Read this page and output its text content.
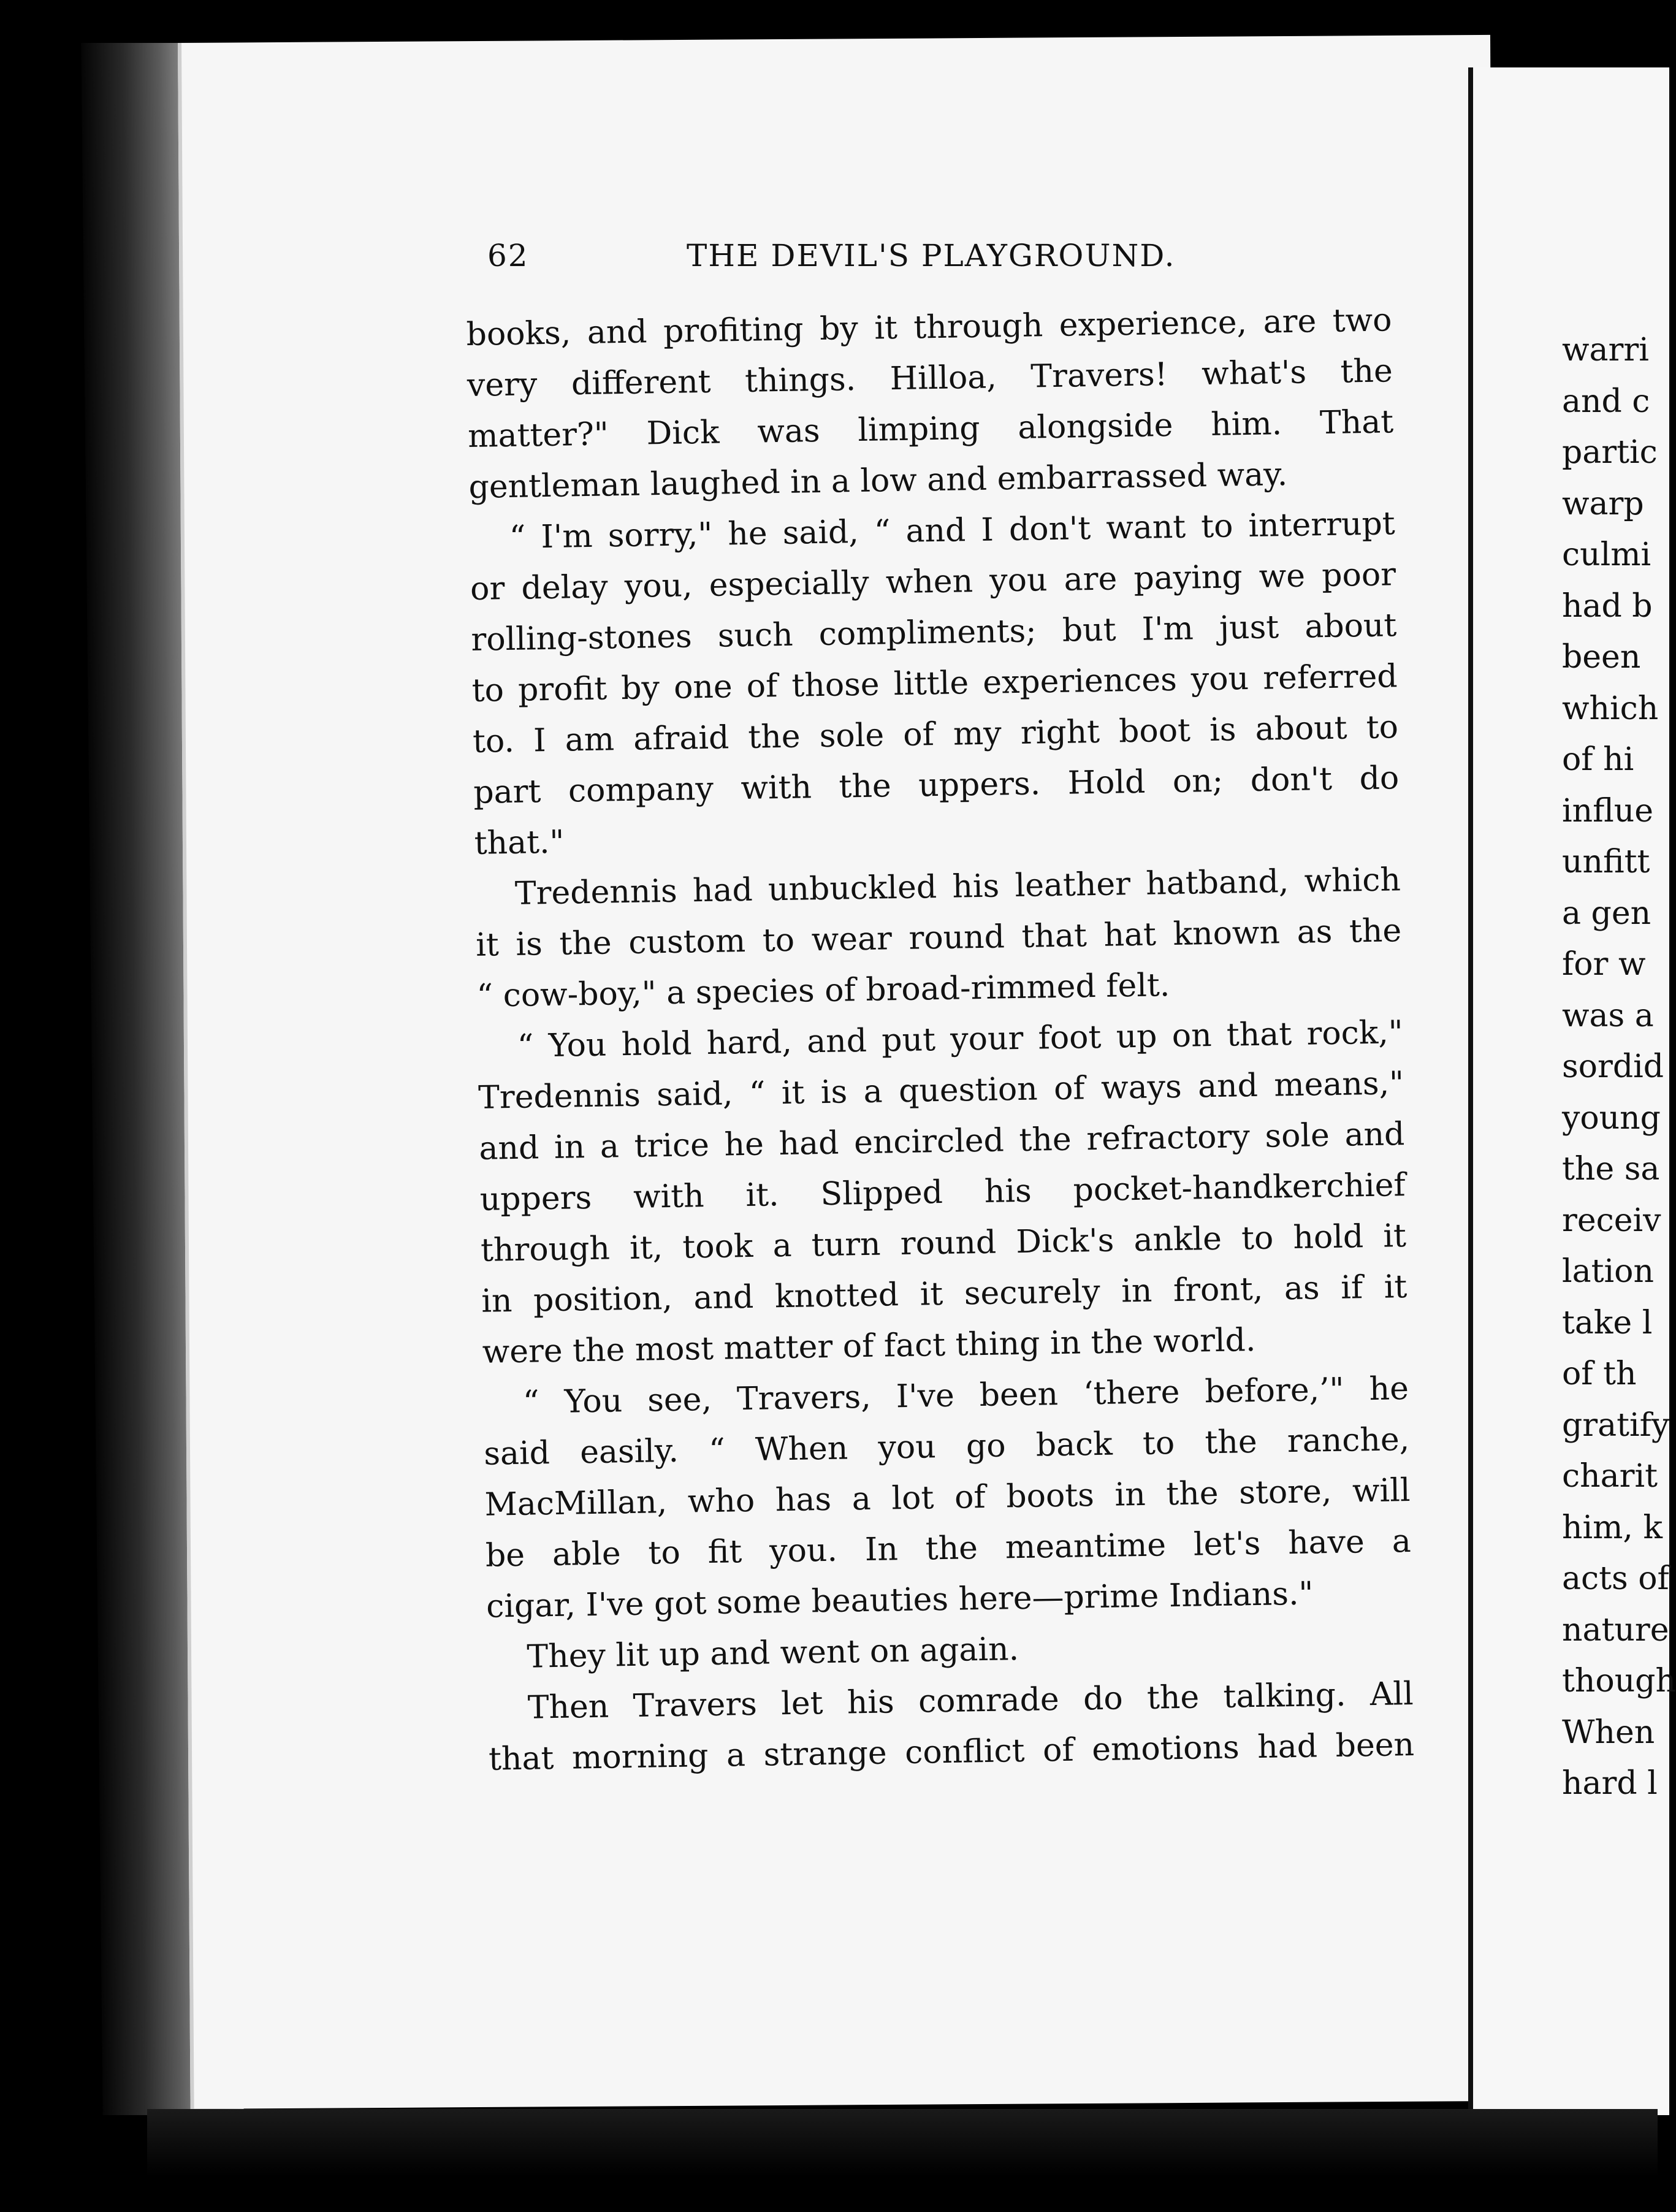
62	THE DEVIL'S PLAYGROUND.
books, and profiting by it through experience, are two
very different things. Hilloa, Travers! what's the
matter?" Dick was limping alongside him. That
gentleman laughed in a low and embarrassed way.
“ I'm sorry," he said, “ and I don't want to interrupt
or delay you, especially when you are paying we poor
rolling-stones such compliments; but I'm just about
to profit by one of those little experiences you referred
to. I am afraid the sole of my right boot is about to
part company with the uppers. Hold on; don't do
that."
Tredennis had unbuckled his leather hatband, which
it is the custom to wear round that hat known as the
“ cow-boy," a species of broad-rimmed felt.
“ You hold hard, and put your foot up on that rock,"
Tredennis said, “ it is a question of ways and means,"
and in a trice he had encircled the refractory sole and
uppers with it. Slipped his pocket-handkerchief
through it, took a turn round Dick's ankle to hold it
in position, and knotted it securely in front, as if it
were the most matter of fact thing in the world.
“ You see, Travers, I've been ‘there before,’" he
said easily. “ When you go back to the ranche,
MacMillan, who has a lot of boots in the store, will
be able to fit you. In the meantime let's have a
cigar, I've got some beauties here—prime Indians."
They lit up and went on again.
Then Travers let his comrade do the talking. All
that morning a strange conflict of emotions had been
warri
and c
partic
warp
culmi
had b
been
which
of hi
influe
unfitt
a gen
for w
was a
sordid
young
the sa
receiv
lation
take l
of th
gratify
charit
him, k
acts of
nature
though
When
hard l
